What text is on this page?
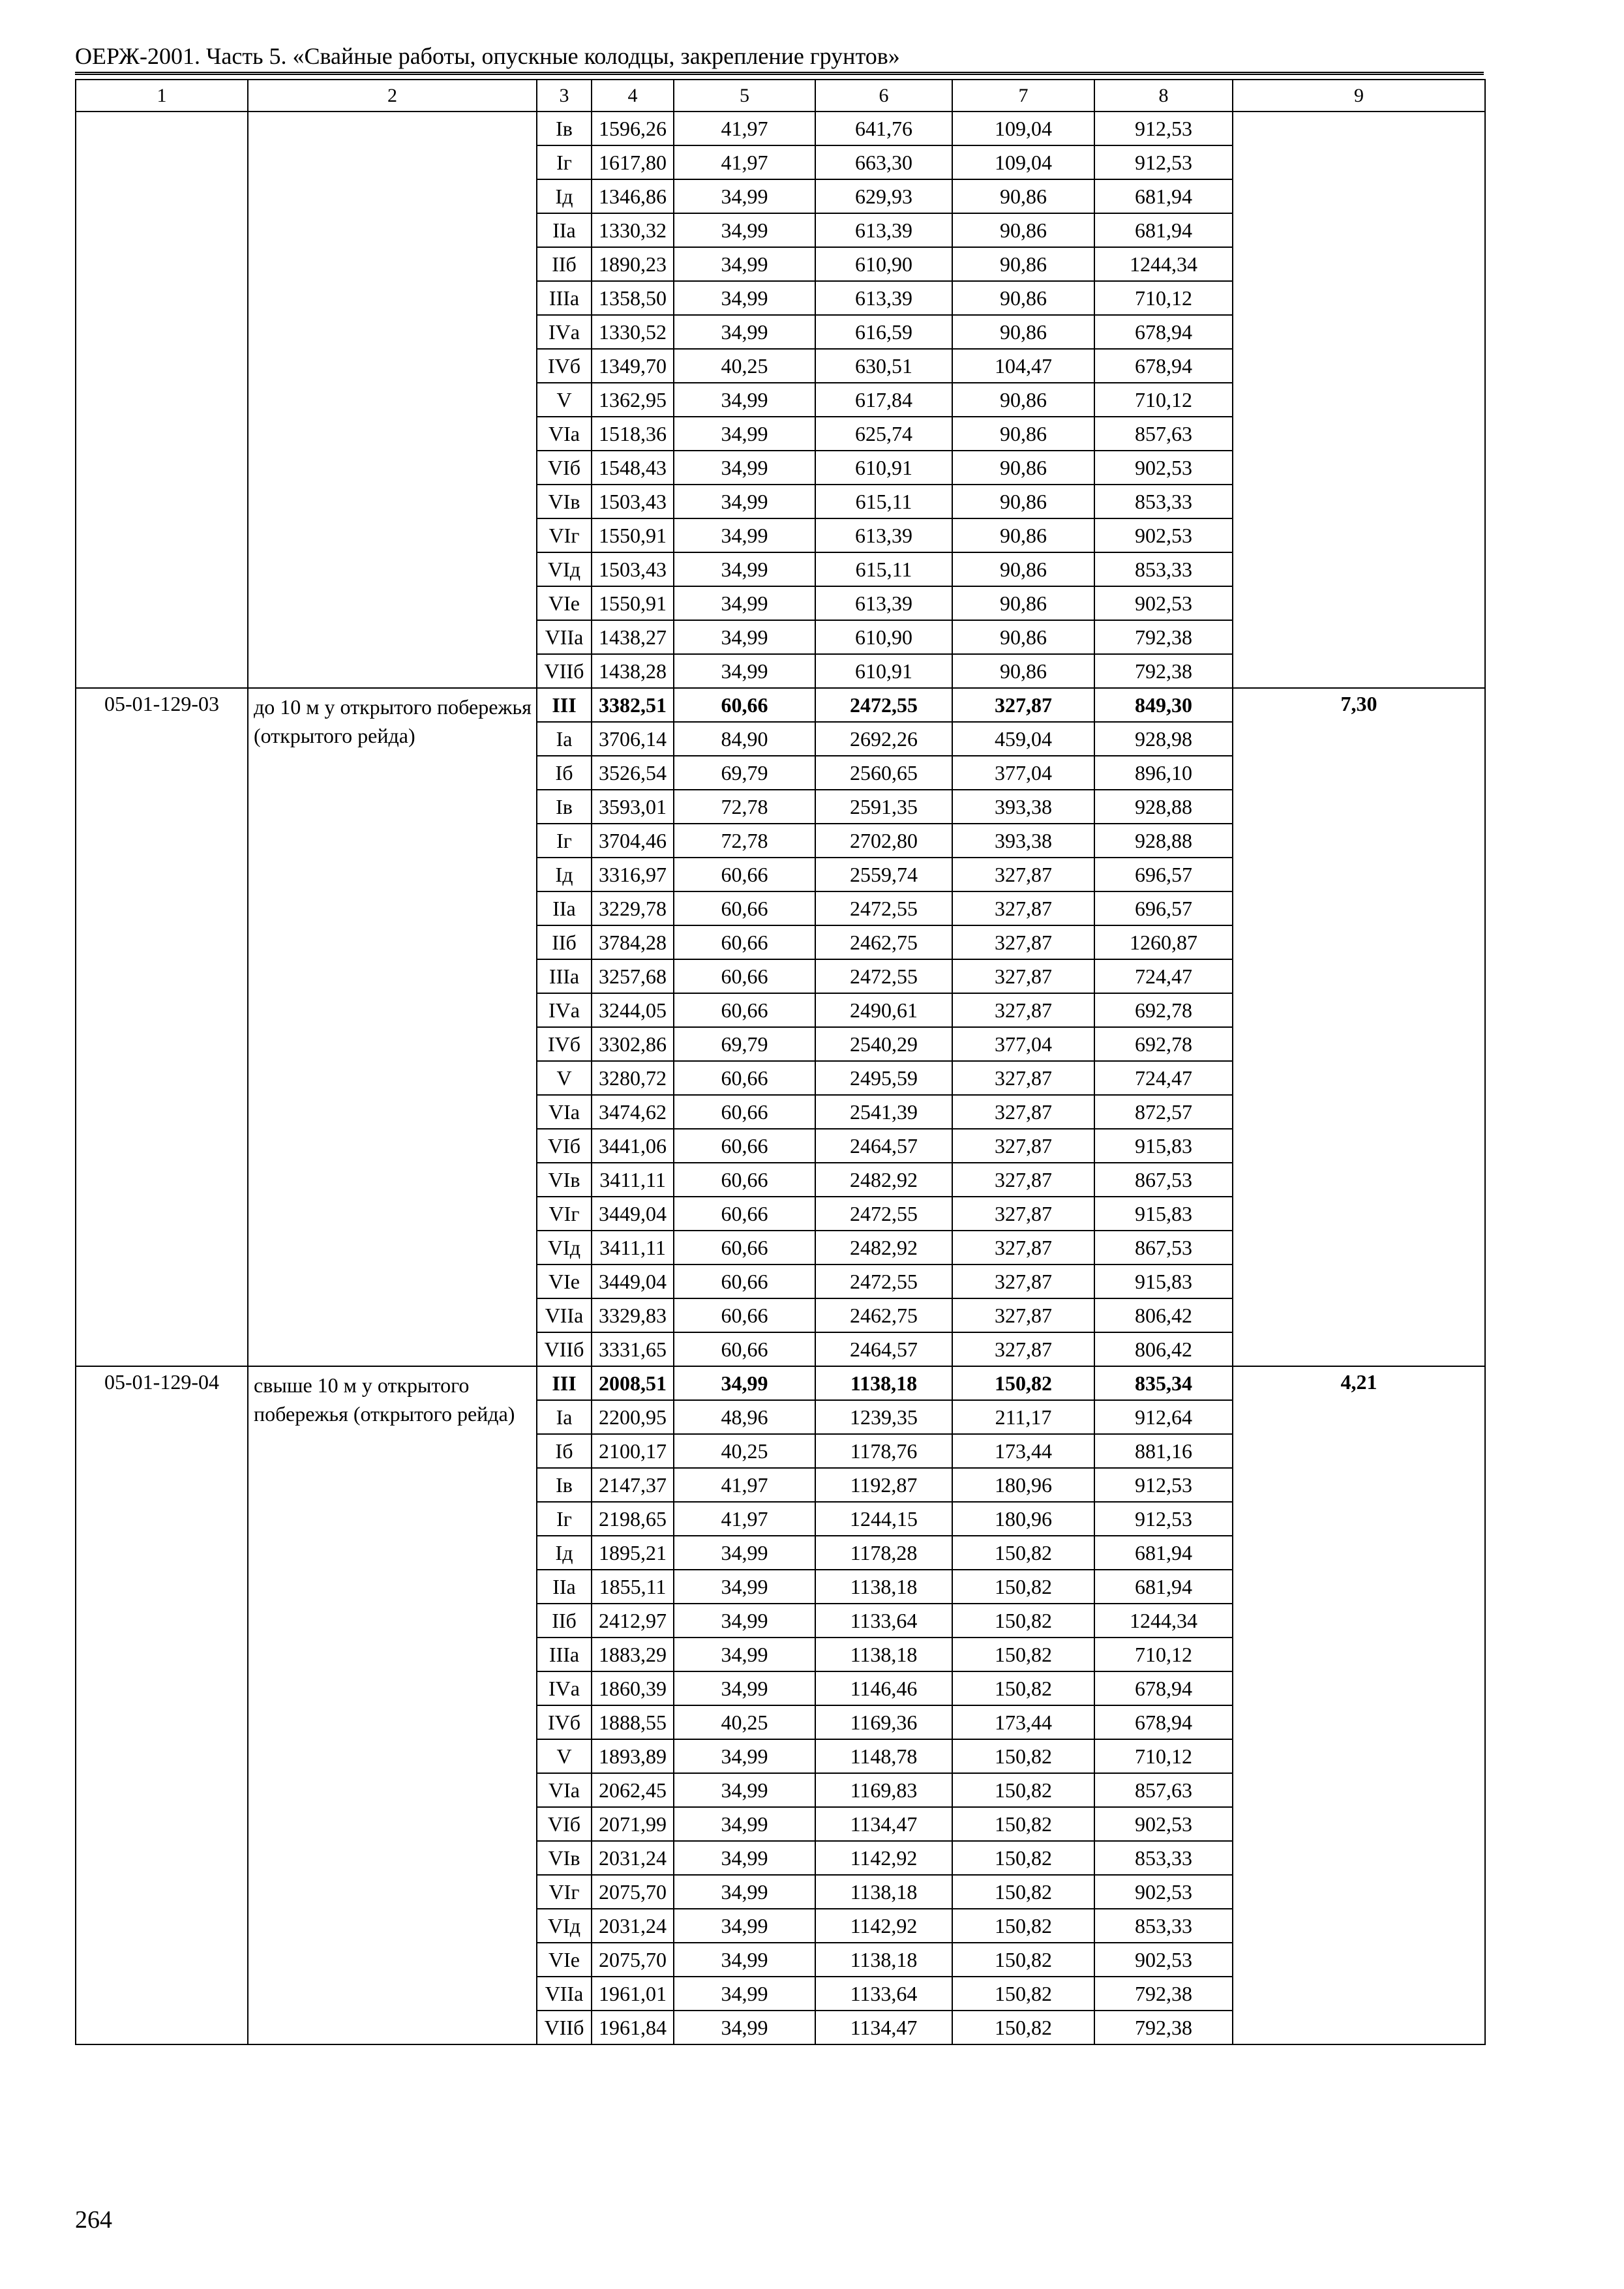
ОЕРЖ-2001. Часть 5. «Свайные работы, опускные колодцы, закрепление грунтов»
1	2	3	4	5	6	7	8	9
		Iв	1596,26	41,97	641,76	109,04	912,53	
		Iг	1617,80	41,97	663,30	109,04	912,53	
		Iд	1346,86	34,99	629,93	90,86	681,94	
		IIа	1330,32	34,99	613,39	90,86	681,94	
		IIб	1890,23	34,99	610,90	90,86	1244,34	
		IIIа	1358,50	34,99	613,39	90,86	710,12	
		IVа	1330,52	34,99	616,59	90,86	678,94	
		IVб	1349,70	40,25	630,51	104,47	678,94	
		V	1362,95	34,99	617,84	90,86	710,12	
		VIа	1518,36	34,99	625,74	90,86	857,63	
		VIб	1548,43	34,99	610,91	90,86	902,53	
		VIв	1503,43	34,99	615,11	90,86	853,33	
		VIг	1550,91	34,99	613,39	90,86	902,53	
		VIд	1503,43	34,99	615,11	90,86	853,33	
		VIе	1550,91	34,99	613,39	90,86	902,53	
		VIIа	1438,27	34,99	610,90	90,86	792,38	
		VIIб	1438,28	34,99	610,91	90,86	792,38	
05-01-129-03	до 10 м у открытого побережья (открытого рейда)	III	3382,51	60,66	2472,55	327,87	849,30	7,30
		Iа	3706,14	84,90	2692,26	459,04	928,98	
		Iб	3526,54	69,79	2560,65	377,04	896,10	
		Iв	3593,01	72,78	2591,35	393,38	928,88	
		Iг	3704,46	72,78	2702,80	393,38	928,88	
		Iд	3316,97	60,66	2559,74	327,87	696,57	
		IIа	3229,78	60,66	2472,55	327,87	696,57	
		IIб	3784,28	60,66	2462,75	327,87	1260,87	
		IIIа	3257,68	60,66	2472,55	327,87	724,47	
		IVа	3244,05	60,66	2490,61	327,87	692,78	
		IVб	3302,86	69,79	2540,29	377,04	692,78	
		V	3280,72	60,66	2495,59	327,87	724,47	
		VIа	3474,62	60,66	2541,39	327,87	872,57	
		VIб	3441,06	60,66	2464,57	327,87	915,83	
		VIв	3411,11	60,66	2482,92	327,87	867,53	
		VIг	3449,04	60,66	2472,55	327,87	915,83	
		VIд	3411,11	60,66	2482,92	327,87	867,53	
		VIе	3449,04	60,66	2472,55	327,87	915,83	
		VIIа	3329,83	60,66	2462,75	327,87	806,42	
		VIIб	3331,65	60,66	2464,57	327,87	806,42	
05-01-129-04	свыше 10 м у открытого побережья (открытого рейда)	III	2008,51	34,99	1138,18	150,82	835,34	4,21
		Iа	2200,95	48,96	1239,35	211,17	912,64	
		Iб	2100,17	40,25	1178,76	173,44	881,16	
		Iв	2147,37	41,97	1192,87	180,96	912,53	
		Iг	2198,65	41,97	1244,15	180,96	912,53	
		Iд	1895,21	34,99	1178,28	150,82	681,94	
		IIа	1855,11	34,99	1138,18	150,82	681,94	
		IIб	2412,97	34,99	1133,64	150,82	1244,34	
		IIIа	1883,29	34,99	1138,18	150,82	710,12	
		IVа	1860,39	34,99	1146,46	150,82	678,94	
		IVб	1888,55	40,25	1169,36	173,44	678,94	
		V	1893,89	34,99	1148,78	150,82	710,12	
		VIа	2062,45	34,99	1169,83	150,82	857,63	
		VIб	2071,99	34,99	1134,47	150,82	902,53	
		VIв	2031,24	34,99	1142,92	150,82	853,33	
		VIг	2075,70	34,99	1138,18	150,82	902,53	
		VIд	2031,24	34,99	1142,92	150,82	853,33	
		VIе	2075,70	34,99	1138,18	150,82	902,53	
		VIIа	1961,01	34,99	1133,64	150,82	792,38	
		VIIб	1961,84	34,99	1134,47	150,82	792,38	
264
